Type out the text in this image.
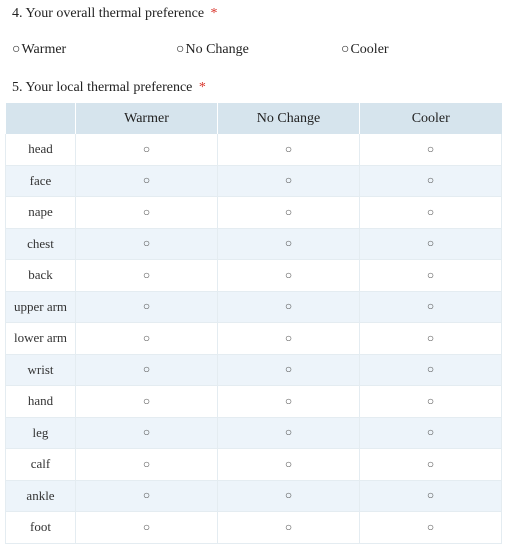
4. Your overall thermal preference *
○Warmer	○No Change	○Cooler
5. Your local thermal preference *
	Warmer	No Change	Cooler
head	○	○	○
face	○	○	○
nape	○	○	○
chest	○	○	○
back	○	○	○
upper arm	○	○	○
lower arm	○	○	○
wrist	○	○	○
hand	○	○	○
leg	○	○	○
calf	○	○	○
ankle	○	○	○
foot	○	○	○
